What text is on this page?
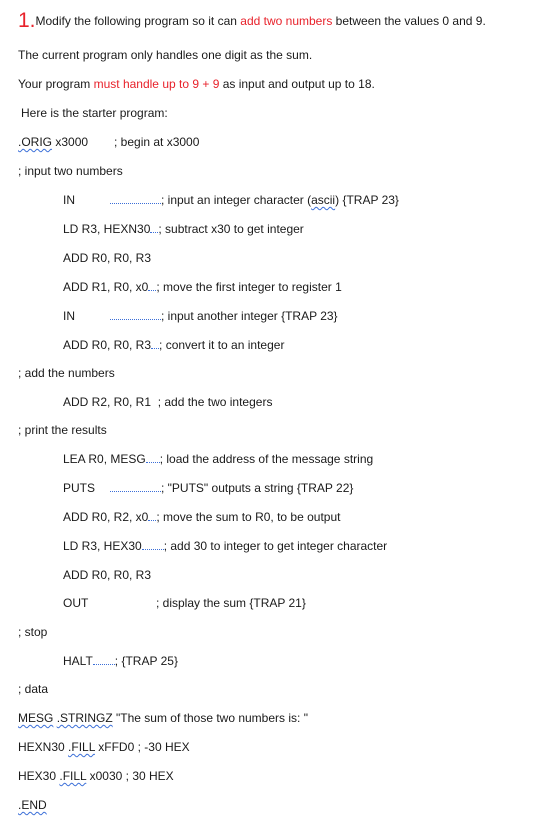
1.Modify the following program so it can add two numbers between the values 0 and 9.
The current program only handles one digit as the sum.
Your program must handle up to 9 + 9 as input and output up to 18.
Here is the starter program:
.ORIG x3000 ; begin at x3000
; input two numbers
IN	; input an integer character (ascii) {TRAP 23}
LD R3, HEXN30 ; subtract x30 to get integer
ADD R0, R0, R3
ADD R1, R0, x0 ; move the first integer to register 1
IN	; input another integer {TRAP 23}
ADD R0, R0, R3 ; convert it to an integer
; add the numbers
ADD R2, R0, R1 ; add the two integers
; print the results
LEA R0, MESG ; load the address of the message string
PUTS	; "PUTS" outputs a string {TRAP 22}
ADD R0, R2, x0 ; move the sum to R0, to be output
LD R3, HEX30 ; add 30 to integer to get integer character
ADD R0, R0, R3
OUT	; display the sum {TRAP 21}
; stop
HALT ; {TRAP 25}
; data
MESG .STRINGZ "The sum of those two numbers is: "
HEXN30 .FILL xFFD0 ; -30 HEX
HEX30 .FILL x0030 ; 30 HEX
.END
